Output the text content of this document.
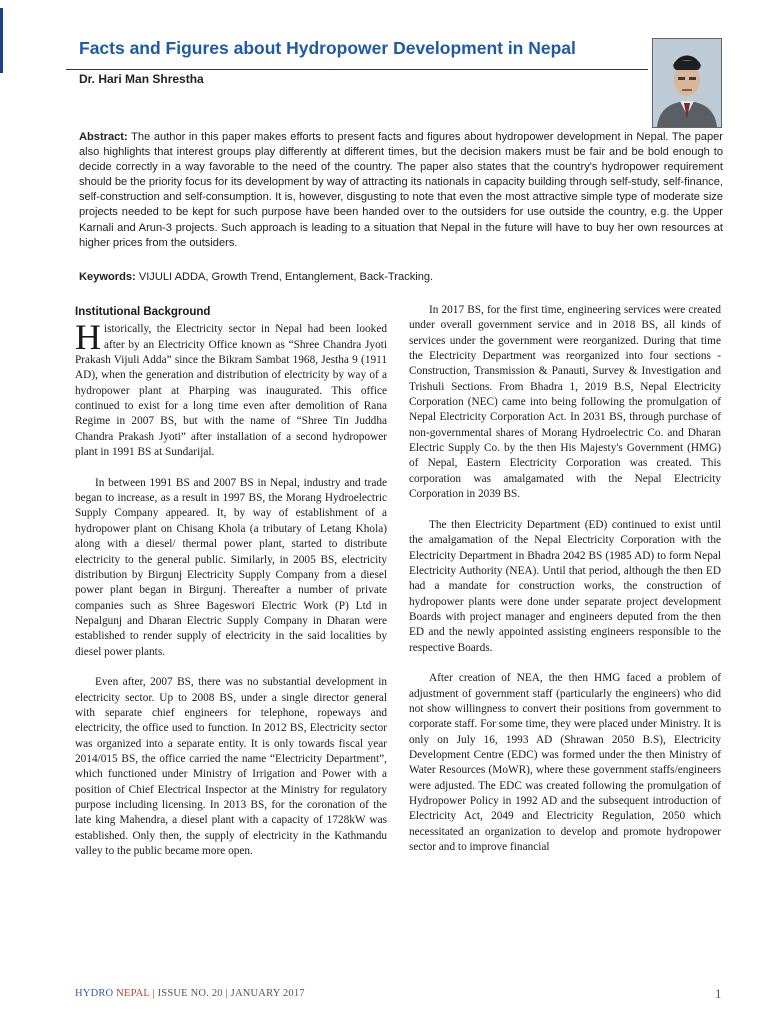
Facts and Figures about Hydropower Development in Nepal
Dr. Hari Man Shrestha

Abstract: The author in this paper makes efforts to present facts and figures about hydropower development in Nepal. The paper also highlights that interest groups play differently at different times, but the decision makers must be fair and be bold enough to decide correctly in a way favorable to the need of the country. The paper also states that the country's hydropower requirement should be the priority focus for its development by way of attracting its nationals in capacity building through self-study, self-finance, self-construction and self-consumption. It is, however, disgusting to note that even the most attractive simple type of moderate size projects needed to be kept for such purpose have been handed over to the outsiders for use outside the country, e.g. the Upper Karnali and Arun-3 projects. Such approach is leading to a situation that Nepal in the future will have to buy her own resources at higher prices from the outsiders.

Keywords: VIJULI ADDA, Growth Trend, Entanglement, Back-Tracking.

Institutional Background

Historically, the Electricity sector in Nepal had been looked after by an Electricity Office known as “Shree Chandra Jyoti Prakash Vijuli Adda” since the Bikram Sambat 1968, Jestha 9 (1911 AD), when the generation and distribution of electricity by way of a hydropower plant at Pharping was inaugurated. This office continued to exist for a long time even after demolition of Rana Regime in 2007 BS, but with the name of “Shree Tin Juddha Chandra Prakash Jyoti” after installation of a second hydropower plant in 1991 BS at Sundarijal.

In between 1991 BS and 2007 BS in Nepal, industry and trade began to increase, as a result in 1997 BS, the Morang Hydroelectric Supply Company appeared. It, by way of establishment of a hydropower plant on Chisang Khola (a tributary of Letang Khola) along with a diesel/ thermal power plant, started to distribute electricity to the general public. Similarly, in 2005 BS, electricity distribution by Birgunj Electricity Supply Company from a diesel power plant began in Birgunj. Thereafter a number of private companies such as Shree Bageswori Electric Work (P) Ltd in Nepalgunj and Dharan Electric Supply Company in Dharan were established to render supply of electricity in the said localities by diesel power plants.

Even after, 2007 BS, there was no substantial development in electricity sector. Up to 2008 BS, under a single director general with separate chief engineers for telephone, ropeways and electricity, the office used to function. In 2012 BS, Electricity sector was organized into a separate entity. It is only towards fiscal year 2014/015 BS, the office carried the name “Electricity Department”, which functioned under Ministry of Irrigation and Power with a position of Chief Electrical Inspector at the Ministry for regulatory purpose including licensing. In 2013 BS, for the coronation of the late king Mahendra, a diesel plant with a capacity of 1728kW was established. Only then, the supply of electricity in the Kathmandu valley to the public became more open.

In 2017 BS, for the first time, engineering services were created under overall government service and in 2018 BS, all kinds of services under the government were reorganized. During that time the Electricity Department was reorganized into four sections - Construction, Transmission & Panauti, Survey & Investigation and Trishuli Sections. From Bhadra 1, 2019 B.S, Nepal Electricity Corporation (NEC) came into being following the promulgation of Nepal Electricity Corporation Act. In 2031 BS, through purchase of non-governmental shares of Morang Hydroelectric Co. and Dharan Electric Supply Co. by the then His Majesty's Government (HMG) of Nepal, Eastern Electricity Corporation was created. This corporation was amalgamated with the Nepal Electricity Corporation in 2039 BS.

The then Electricity Department (ED) continued to exist until the amalgamation of the Nepal Electricity Corporation with the Electricity Department in Bhadra 2042 BS (1985 AD) to form Nepal Electricity Authority (NEA). Until that period, although the then ED had a mandate for construction works, the construction of hydropower plants were done under separate project development Boards with project manager and engineers deputed from the then ED and the newly appointed assisting engineers responsible to the respective Boards.

After creation of NEA, the then HMG faced a problem of adjustment of government staff (particularly the engineers) who did not show willingness to convert their positions from government to corporate staff. For some time, they were placed under Ministry. It is only on July 16, 1993 AD (Shrawan 2050 B.S), Electricity Development Centre (EDC) was formed under the then Ministry of Water Resources (MoWR), where these government staffs/engineers were adjusted. The EDC was created following the promulgation of Hydropower Policy in 1992 AD and the subsequent introduction of Electricity Act, 2049 and Electricity Regulation, 2050 which necessitated an organization to develop and promote hydropower sector and to improve financial

HYDRO NEPAL | ISSUE NO. 20 | JANUARY 2017	1
